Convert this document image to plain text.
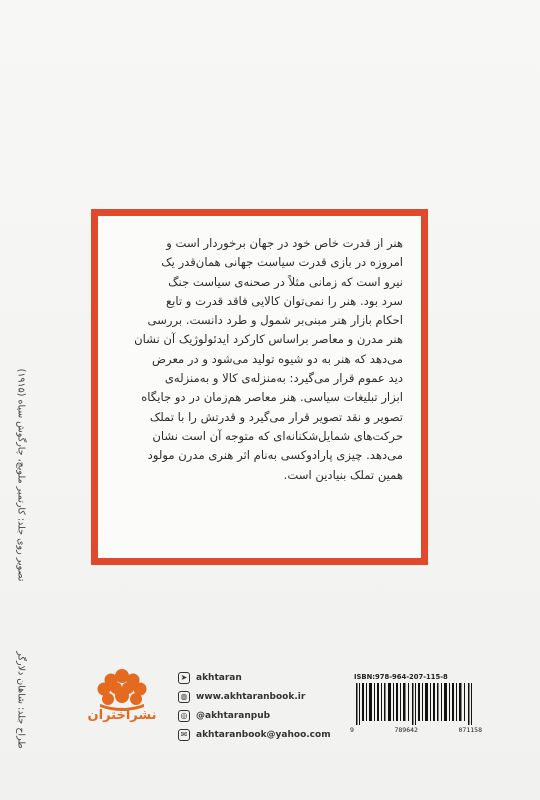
تصویر روی جلد: کارتمبر ملویچ، چارگوش سیاه (۱۹۱۵)
طراح جلد: شاهان دلارگر
هنر از قدرت خاص خود در جهان برخوردار است و
امروزه در بازی قدرت سیاست جهانی همان‌قدر یک
نیرو است که زمانی مثلاً در صحنه‌ی سیاست جنگ
سرد بود. هنر را نمی‌توان کالایی فاقد قدرت و تابع
احکام بازار هنر مبنی‌بر شمول و طرد دانست. بررسی
هنر مدرن و معاصر براساس کارکرد ایدئولوژیک آن نشان
می‌دهد که هنر به دو شیوه تولید می‌شود و در معرض
دید عموم قرار می‌گیرد: به‌منزله‌ی کالا و به‌منزله‌ی
ابزار تبلیغات سیاسی. هنر معاصر هم‌زمان در دو جایگاه
تصویر و نقد تصویر قرار می‌گیرد و قدرتش را با تملک
حرکت‌های شمایل‌شکنانه‌ای که متوجه آن است نشان
می‌دهد. چیزی پارادوکسی به‌نام اثر هنری مدرن مولود
همین تملک بنیادین است.
نشراختران
➤ akhtaran
◍ www.akhtaranbook.ir
◎ @akhtaranpub
✉ akhtaranbook@yahoo.com
ISBN:978-964-207-115-8
9	789642	071158
